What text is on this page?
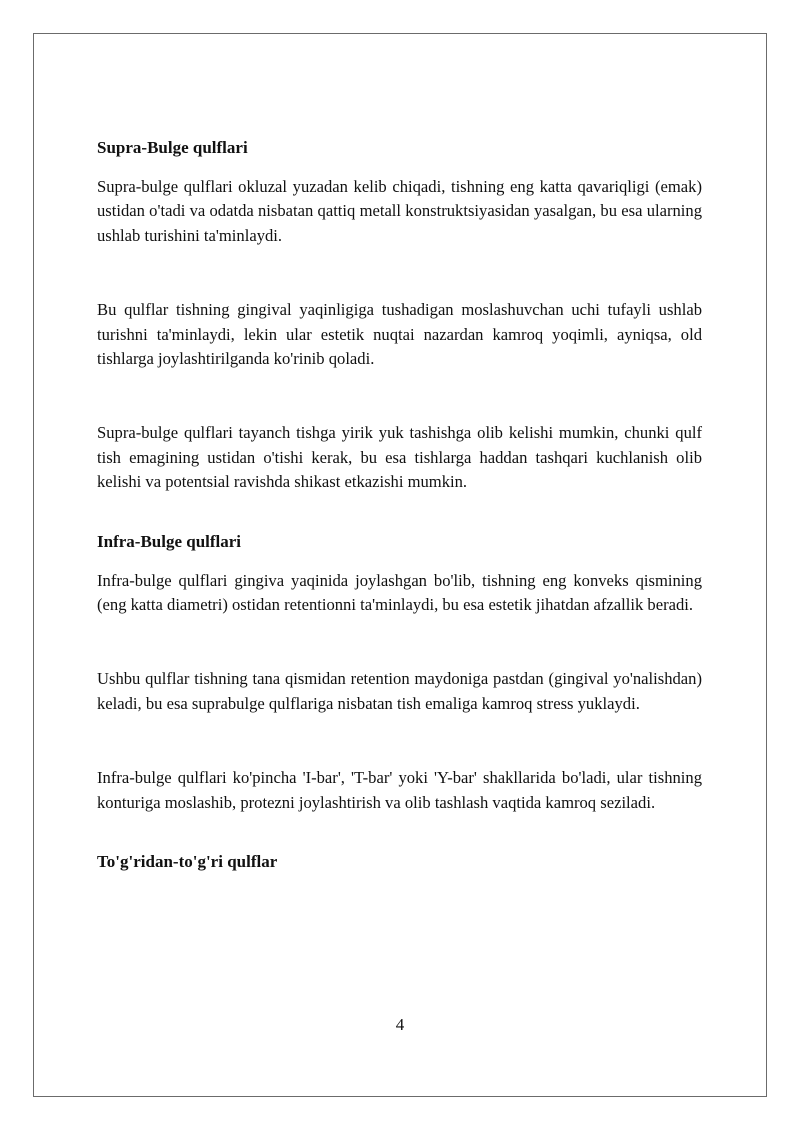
Supra-Bulge qulflari

Supra-bulge qulflari okluzal yuzadan kelib chiqadi, tishning eng katta qavariqligi (emak) ustidan o'tadi va odatda nisbatan qattiq metall konstruktsiyasidan yasalgan, bu esa ularning ushlab turishini ta'minlaydi.

Bu qulflar tishning gingival yaqinligiga tushadigan moslashuvchan uchi tufayli ushlab turishni ta'minlaydi, lekin ular estetik nuqtai nazardan kamroq yoqimli, ayniqsa, old tishlarga joylashtirilganda ko'rinib qoladi.

Supra-bulge qulflari tayanch tishga yirik yuk tashishga olib kelishi mumkin, chunki qulf tish emagining ustidan o'tishi kerak, bu esa tishlarga haddan tashqari kuchlanish olib kelishi va potentsial ravishda shikast etkazishi mumkin.

Infra-Bulge qulflari

Infra-bulge qulflari gingiva yaqinida joylashgan bo'lib, tishning eng konveks qismining (eng katta diametri) ostidan retentionni ta'minlaydi, bu esa estetik jihatdan afzallik beradi.

Ushbu qulflar tishning tana qismidan retention maydoniga pastdan (gingival yo'nalishdan) keladi, bu esa suprabulge qulflariga nisbatan tish emaliga kamroq stress yuklaydi.

Infra-bulge qulflari ko'pincha 'I-bar', 'T-bar' yoki 'Y-bar' shakllarida bo'ladi, ular tishning konturiga moslashib, protezni joylashtirish va olib tashlash vaqtida kamroq seziladi.

To'g'ridan-to'g'ri qulflar
4
